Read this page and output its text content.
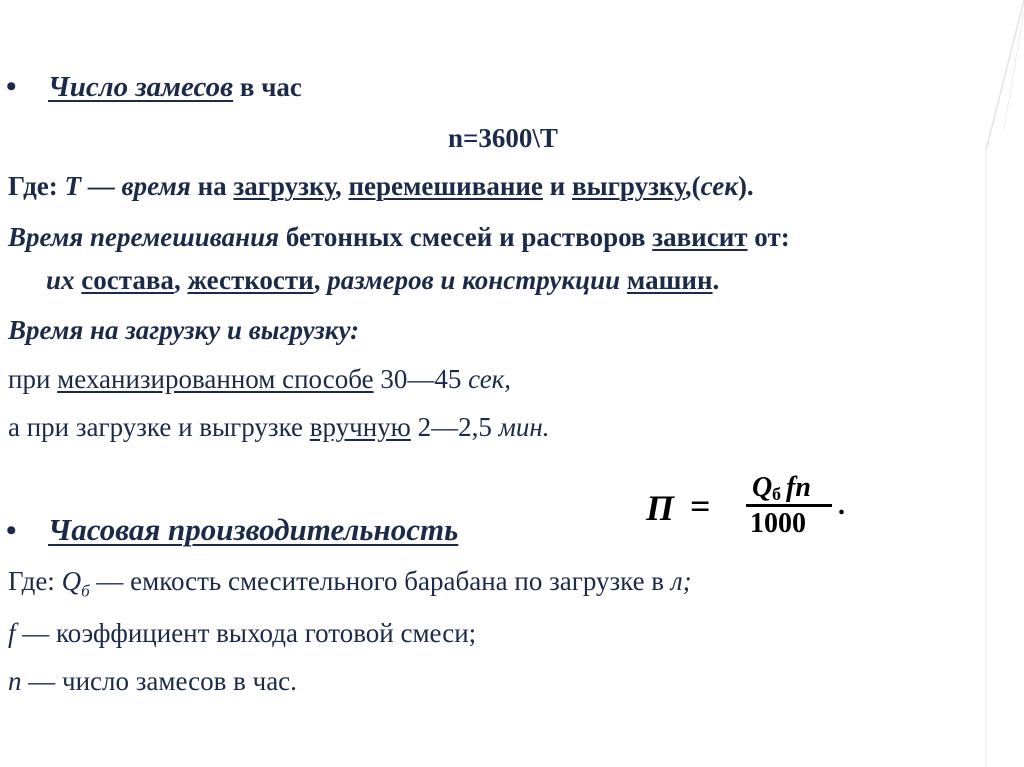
• Число замесов в час
n=3600\T
Где: Т — время на загрузку, перемешивание и выгрузку,(сек).
Время перемешивания бетонных смесей и растворов зависит от:
их состава, жесткости, размеров и конструкции машин.
Время на загрузку и выгрузку:
при механизированном способе 30—45 сек,
а при загрузке и выгрузке вручную 2—2,5 мин.
• Часовая производительность
П = Q б fn
1000
.
Где: $Q_б$ — емкость смесительного барабана по загрузке в л;
f — коэффициент выхода готовой смеси;
n — число замесов в час.
